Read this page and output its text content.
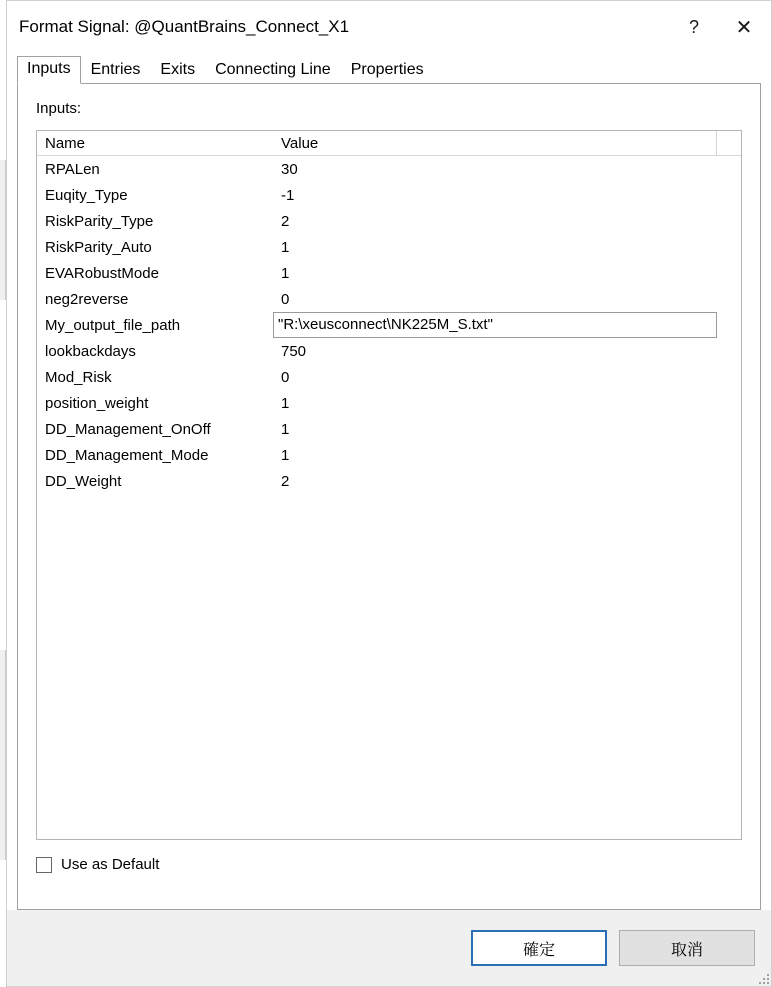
Format Signal: @QuantBrains_Connect_X1	?	✕
Inputs	Entries	Exits	Connecting Line	Properties
Inputs:
Name	Value
RPALen	30
Euqity_Type	-1
RiskParity_Type	2
RiskParity_Auto	1
EVARobustMode	1
neg2reverse	0
My_output_file_path	"R:\xeusconnect\NK225M_S.txt"
lookbackdays	750
Mod_Risk	0
position_weight	1
DD_Management_OnOff	1
DD_Management_Mode	1
DD_Weight	2
Use as Default
確定	取消
